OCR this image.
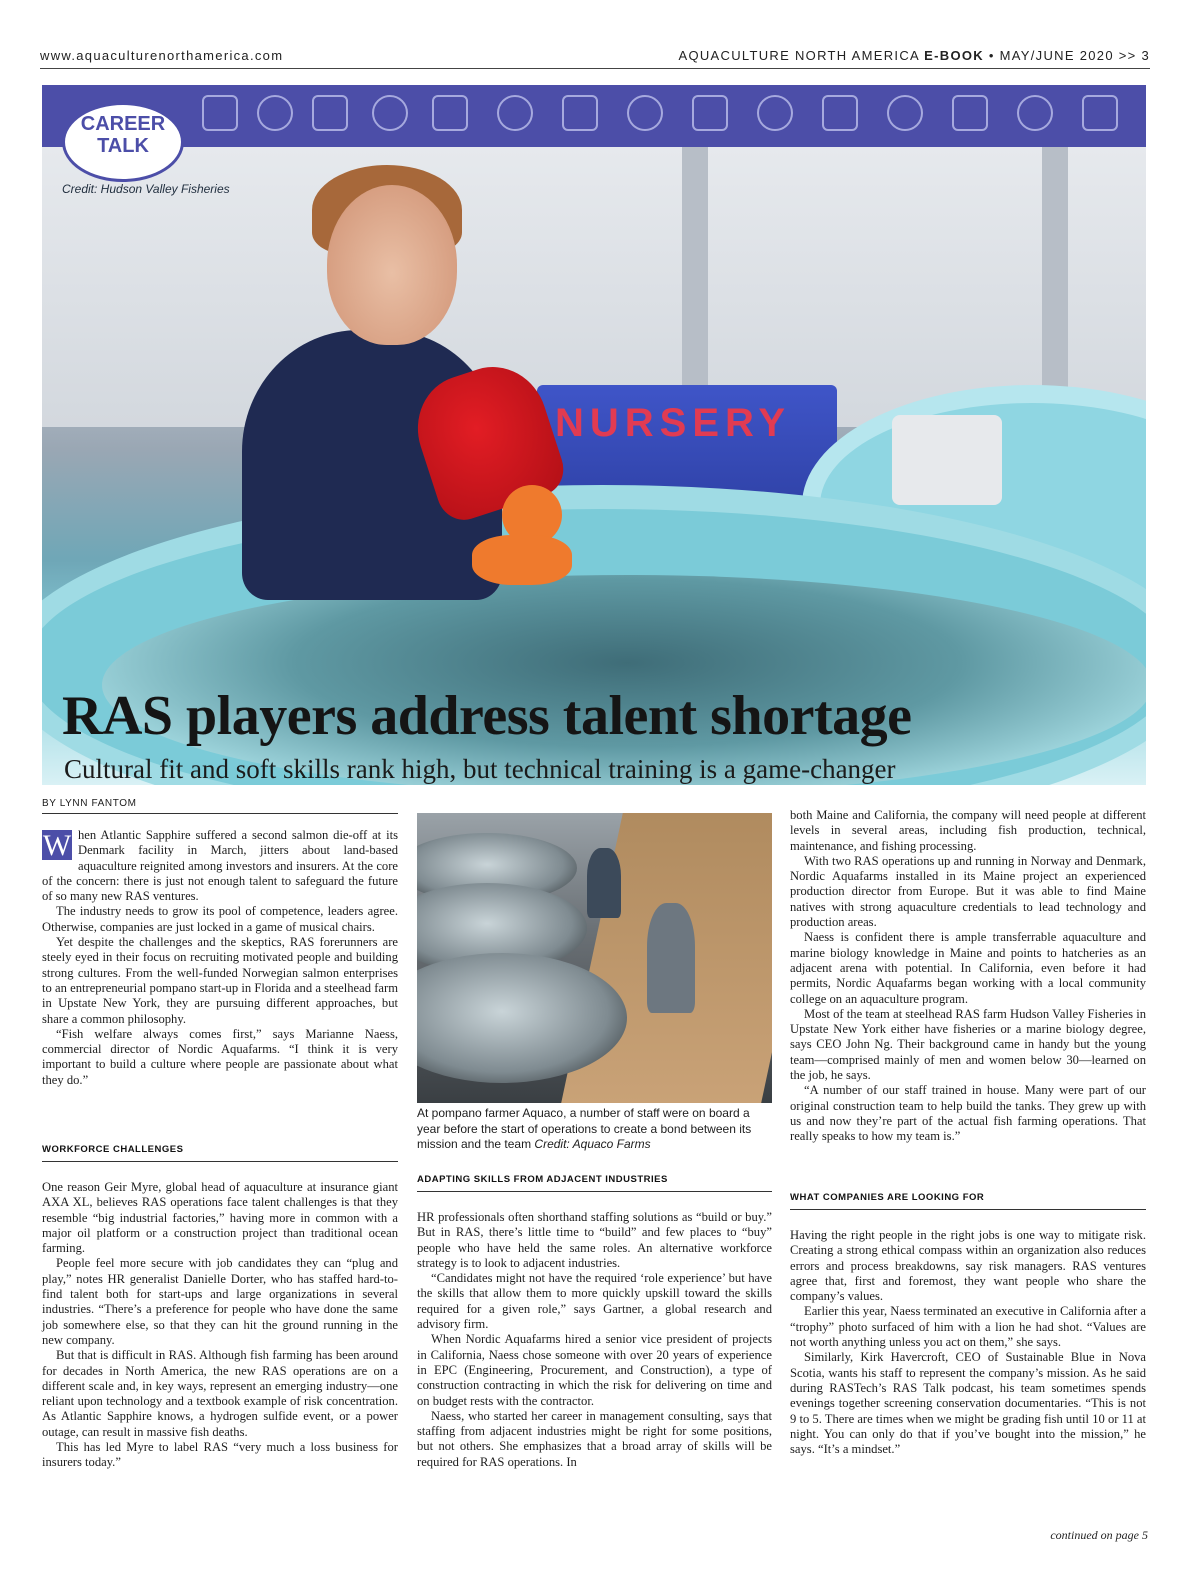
www.aquaculturenorthamerica.com	AQUACULTURE NORTH AMERICA E-BOOK • MAY/JUNE 2020 >> 3
NURSERY
CAREER
TALK
Credit: Hudson Valley Fisheries
RAS players address talent shortage
Cultural fit and soft skills rank high, but technical training is a game-changer
BY LYNN FANTOM

W hen Atlantic Sapphire suffered a second salmon die-off at its Denmark facility in March, jitters about land-based aquaculture reignited among investors and insurers. At the core of the concern: there is just not enough talent to safeguard the future of so many new RAS ventures.

The industry needs to grow its pool of competence, leaders agree. Otherwise, companies are just locked in a game of musical chairs.

Yet despite the challenges and the skeptics, RAS forerunners are steely eyed in their focus on recruiting motivated people and building strong cultures. From the well-funded Norwegian salmon enterprises to an entrepreneurial pompano start-up in Florida and a steelhead farm in Upstate New York, they are pursuing different approaches, but share a common philosophy.

“Fish welfare always comes first,” says Marianne Naess, commercial director of Nordic Aquafarms. “I think it is very important to build a culture where people are passionate about what they do.”

WORKFORCE CHALLENGES

One reason Geir Myre, global head of aquaculture at insurance giant AXA XL, believes RAS operations face talent challenges is that they resemble “big industrial factories,” having more in common with a major oil platform or a construction project than traditional ocean farming.

People feel more secure with job candidates they can “plug and play,” notes HR generalist Danielle Dorter, who has staffed hard-to-find talent both for start-ups and large organizations in several industries. “There’s a preference for people who have done the same job somewhere else, so that they can hit the ground running in the new company.

But that is difficult in RAS. Although fish farming has been around for decades in North America, the new RAS operations are on a different scale and, in key ways, represent an emerging industry—one reliant upon technology and a textbook example of risk concentration. As Atlantic Sapphire knows, a hydrogen sulfide event, or a power outage, can result in massive fish deaths.

This has led Myre to label RAS “very much a loss business for insurers today.”

At pompano farmer Aquaco, a number of staff were on board a year before the start of operations to create a bond between its mission and the team Credit: Aquaco Farms
ADAPTING SKILLS FROM ADJACENT INDUSTRIES

HR professionals often shorthand staffing solutions as “build or buy.” But in RAS, there’s little time to “build” and few places to “buy” people who have held the same roles. An alternative workforce strategy is to look to adjacent industries.

“Candidates might not have the required ‘role experience’ but have the skills that allow them to more quickly upskill toward the skills required for a given role,” says Gartner, a global research and advisory firm.

When Nordic Aquafarms hired a senior vice president of projects in California, Naess chose someone with over 20 years of experience in EPC (Engineering, Procurement, and Construction), a type of construction contracting in which the risk for delivering on time and on budget rests with the contractor.

Naess, who started her career in management consulting, says that staffing from adjacent industries might be right for some positions, but not others. She emphasizes that a broad array of skills will be required for RAS operations. In

both Maine and California, the company will need people at different levels in several areas, including fish production, technical, maintenance, and fishing processing.

With two RAS operations up and running in Norway and Denmark, Nordic Aquafarms installed in its Maine project an experienced production director from Europe. But it was able to find Maine natives with strong aquaculture credentials to lead technology and production areas.

Naess is confident there is ample transferrable aquaculture and marine biology knowledge in Maine and points to hatcheries as an adjacent arena with potential. In California, even before it had permits, Nordic Aquafarms began working with a local community college on an aquaculture program.

Most of the team at steelhead RAS farm Hudson Valley Fisheries in Upstate New York either have fisheries or a marine biology degree, says CEO John Ng. Their background came in handy but the young team—comprised mainly of men and women below 30—learned on the job, he says.

“A number of our staff trained in house. Many were part of our original construction team to help build the tanks. They grew up with us and now they’re part of the actual fish farming operations. That really speaks to how my team is.”

WHAT COMPANIES ARE LOOKING FOR

Having the right people in the right jobs is one way to mitigate risk. Creating a strong ethical compass within an organization also reduces errors and process breakdowns, say risk managers. RAS ventures agree that, first and foremost, they want people who share the company’s values.

Earlier this year, Naess terminated an executive in California after a “trophy” photo surfaced of him with a lion he had shot. “Values are not worth anything unless you act on them,” she says.

Similarly, Kirk Havercroft, CEO of Sustainable Blue in Nova Scotia, wants his staff to represent the company’s mission. As he said during RASTech’s RAS Talk podcast, his team sometimes spends evenings together screening conservation documentaries. “This is not 9 to 5. There are times when we might be grading fish until 10 or 11 at night. You can only do that if you’ve bought into the mission,” he says. “It’s a mindset.”

continued on page 5
